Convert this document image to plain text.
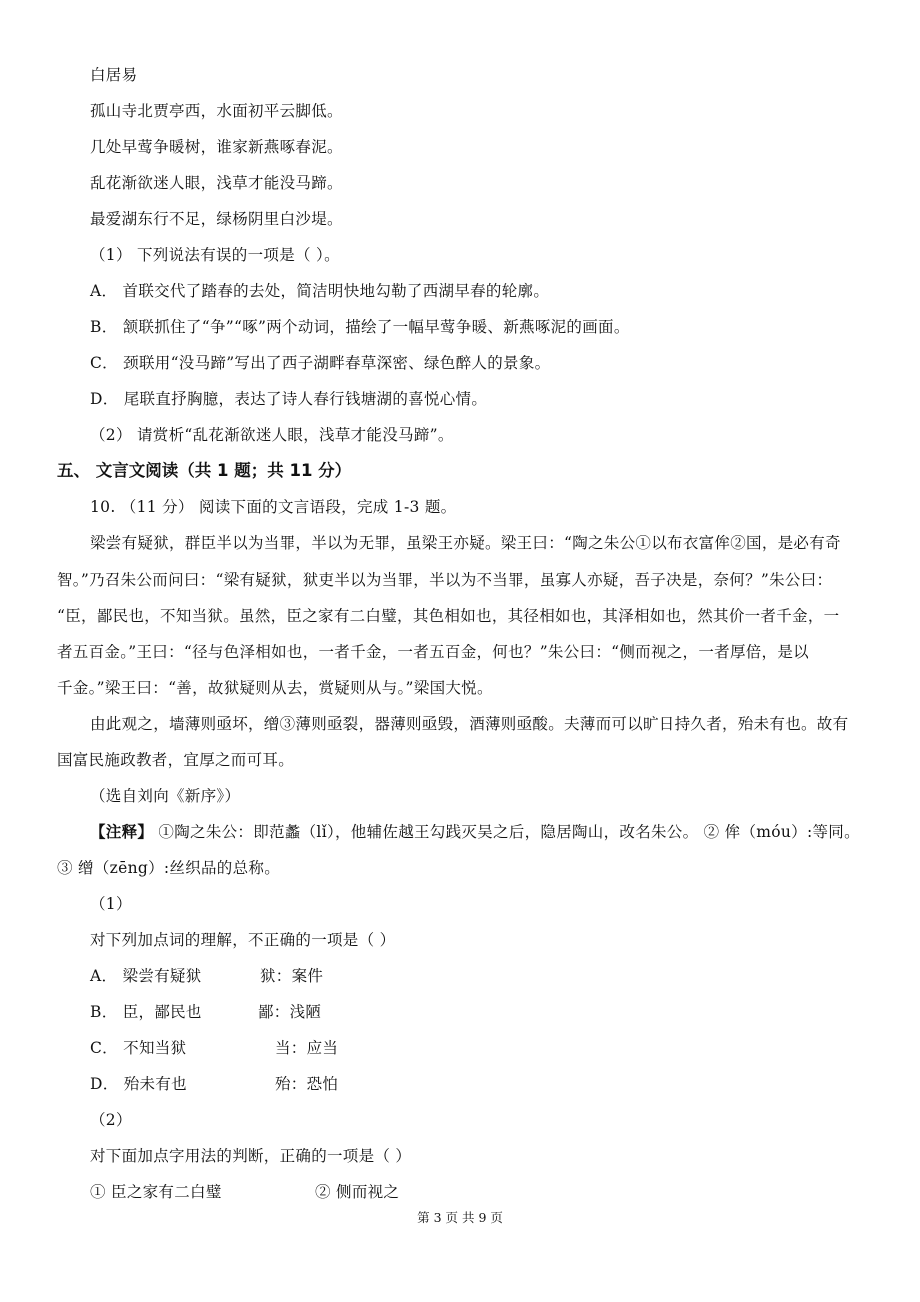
白居易
孤山寺北贾亭西，水面初平云脚低。
几处早莺争暖树，谁家新燕啄春泥。
乱花渐欲迷人眼，浅草才能没马蹄。
最爱湖东行不足，绿杨阴里白沙堤。
（1） 下列说法有误的一项是（ ）。
A． 首联交代了踏春的去处，简洁明快地勾勒了西湖早春的轮廓。
B． 颔联抓住了“争”“啄”两个动词，描绘了一幅早莺争暖、新燕啄泥的画面。
C． 颈联用“没马蹄”写出了西子湖畔春草深密、绿色醉人的景象。
D． 尾联直抒胸臆，表达了诗人春行钱塘湖的喜悦心情。
（2） 请赏析“乱花渐欲迷人眼，浅草才能没马蹄”。
五、 文言文阅读（共 1 题；共 11 分）
10. （11 分） 阅读下面的文言语段，完成 1-3 题。
梁尝有疑狱，群臣半以为当罪，半以为无罪，虽梁王亦疑。梁王曰：“陶之朱公①以布衣富侔②国，是必有奇
智。”乃召朱公而问曰：“梁有疑狱，狱吏半以为当罪，半以为不当罪，虽寡人亦疑，吾子决是，奈何？”朱公曰：
“臣，鄙民也，不知当狱。虽然，臣之家有二白璧，其色相如也，其径相如也，其泽相如也，然其价一者千金，一
者五百金。”王曰：“径与色泽相如也，一者千金，一者五百金，何也？”朱公曰：“侧而视之，一者厚倍，是以
千金。”梁王曰：“善，故狱疑则从去，赏疑则从与。”梁国大悦。
由此观之，墙薄则亟坏，缯③薄则亟裂，器薄则亟毁，酒薄则亟酸。夫薄而可以旷日持久者，殆未有也。故有
国富民施政教者，宜厚之而可耳。
（选自刘向《新序》）
【注释】 ①陶之朱公：即范蠡（lǐ），他辅佐越王勾践灭吴之后，隐居陶山，改名朱公。 ② 侔（móu）:等同。
③ 缯（zēng）:丝织品的总称。
（1）
对下列加点词的理解，不正确的一项是（ ）
A． 梁尝有疑狱	狱：案件
B． 臣，鄙民也	鄙：浅陋
C． 不知当狱	当：应当
D． 殆未有也	殆：恐怕
（2）
对下面加点字用法的判断，正确的一项是（ ）
① 臣之家有二白璧	② 侧而视之
第 3 页 共 9 页
